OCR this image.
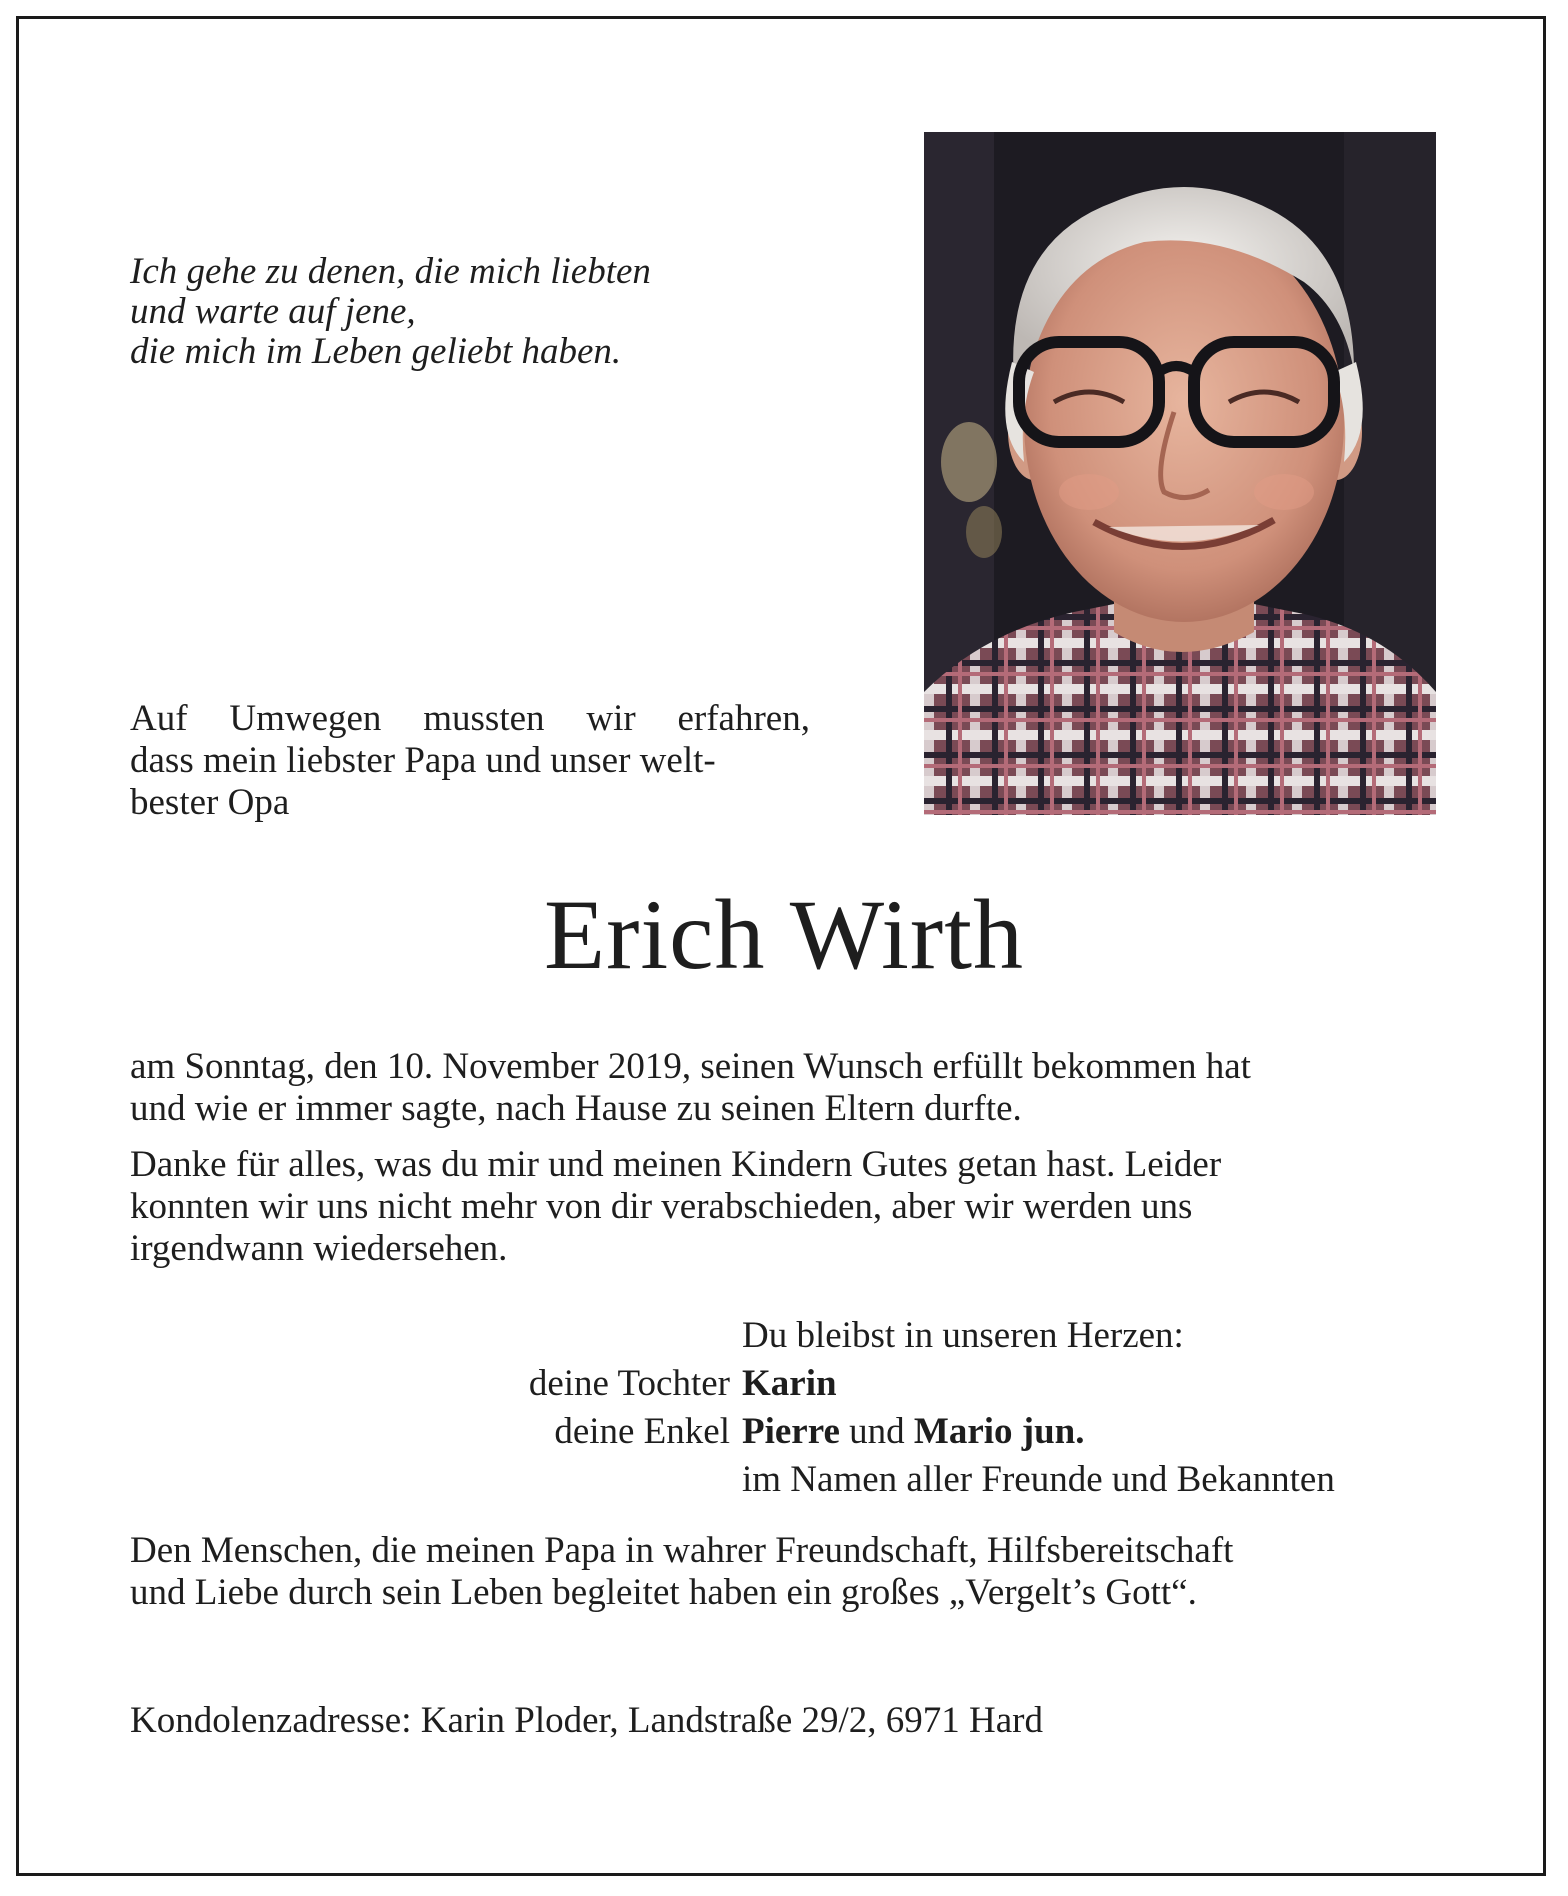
Ich gehe zu denen, die mich liebten
und warte auf jene,
die mich im Leben geliebt haben.
Auf Umwegen mussten wir erfahren,
dass mein liebster Papa und unser welt-
bester Opa
Erich Wirth
am Sonntag, den 10. November 2019, seinen Wunsch erfüllt bekommen hat
und wie er immer sagte, nach Hause zu seinen Eltern durfte.
Danke für alles, was du mir und meinen Kindern Gutes getan hast. Leider
konnten wir uns nicht mehr von dir verabschieden, aber wir werden uns
irgendwann wiedersehen.
Du bleibst in unseren Herzen:
deine Tochter Karin
deine Enkel Pierre und Mario jun.
im Namen aller Freunde und Bekannten
Den Menschen, die meinen Papa in wahrer Freundschaft, Hilfsbereitschaft
und Liebe durch sein Leben begleitet haben ein großes „Vergelt’s Gott“.
Kondolenzadresse: Karin Ploder, Landstraße 29/2, 6971 Hard
